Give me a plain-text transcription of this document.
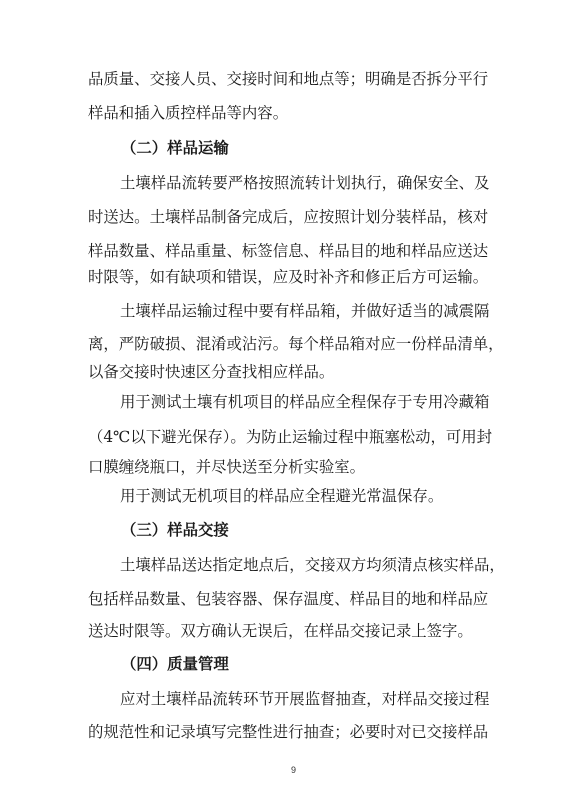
品质量、交接人员、交接时间和地点等；明确是否拆分平行
样品和插入质控样品等内容。
（二）样品运输
土壤样品流转要严格按照流转计划执行，确保安全、及
时送达。土壤样品制备完成后，应按照计划分装样品，核对
样品数量、样品重量、标签信息、样品目的地和样品应送达
时限等，如有缺项和错误，应及时补齐和修正后方可运输。
土壤样品运输过程中要有样品箱，并做好适当的减震隔
离，严防破损、混淆或沾污。每个样品箱对应一份样品清单，
以备交接时快速区分查找相应样品。
用于测试土壤有机项目的样品应全程保存于专用冷藏箱
（4℃以下避光保存）。为防止运输过程中瓶塞松动，可用封
口膜缠绕瓶口，并尽快送至分析实验室。
用于测试无机项目的样品应全程避光常温保存。
（三）样品交接
土壤样品送达指定地点后，交接双方均须清点核实样品，
包括样品数量、包装容器、保存温度、样品目的地和样品应
送达时限等。双方确认无误后，在样品交接记录上签字。
（四）质量管理
应对土壤样品流转环节开展监督抽查，对样品交接过程
的规范性和记录填写完整性进行抽查；必要时对已交接样品
9
